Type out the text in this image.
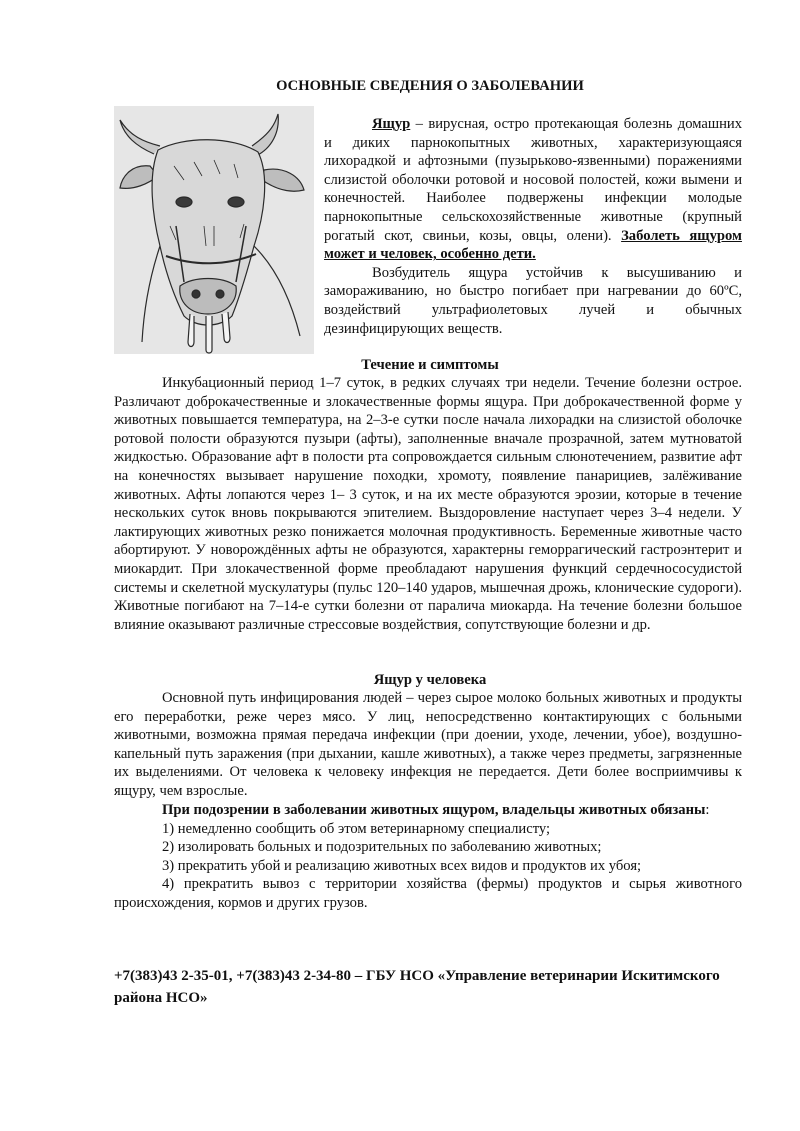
ОСНОВНЫЕ СВЕДЕНИЯ О ЗАБОЛЕВАНИИ

Ящур – вирусная, остро протекающая болезнь домашних и диких парнокопытных животных, характеризующаяся лихорадкой и афтозными (пузырьково-язвенными) поражениями слизистой оболочки ротовой и носовой полостей, кожи вымени и конечностей. Наиболее подвержены инфекции молодые парнокопытные сельскохозяйственные животные (крупный рогатый скот, свиньи, козы, овцы, олени). Заболеть ящуром может и человек, особенно дети.

Возбудитель ящура устойчив к высушиванию и замораживанию, но быстро погибает при нагревании до 60ºС, воздействий ультрафиолетовых лучей и обычных дезинфицирующих веществ.

Течение и симптомы

Инкубационный период 1–7 суток, в редких случаях три недели. Течение болезни острое. Различают доброкачественные и злокачественные формы ящура. При доброкачественной форме у животных повышается температура, на 2–3-е сутки после начала лихорадки на слизистой оболочке ротовой полости образуются пузыри (афты), заполненные вначале прозрачной, затем мутноватой жидкостью. Образование афт в полости рта сопровождается сильным слюнотечением, развитие афт на конечностях вызывает нарушение походки, хромоту, появление панарициев, залёживание животных. Афты лопаются через 1– 3 суток, и на их месте образуются эрозии, которые в течение нескольких суток вновь покрываются эпителием. Выздоровление наступает через 3–4 недели. У лактирующих животных резко понижается молочная продуктивность. Беременные животные часто абортируют. У новорождённых афты не образуются, характерны геморрагический гастроэнтерит и миокардит. При злокачественной форме преобладают нарушения функций сердечнососудистой системы и скелетной мускулатуры (пульс 120–140 ударов, мышечная дрожь, клонические судороги). Животные погибают на 7–14-е сутки болезни от паралича миокарда. На течение болезни большое влияние оказывают различные стрессовые воздействия, сопутствующие болезни и др.

Ящур у человека

Основной путь инфицирования людей – через сырое молоко больных животных и продукты его переработки, реже через мясо. У лиц, непосредственно контактирующих с больными животными, возможна прямая передача инфекции (при доении, уходе, лечении, убое), воздушно-капельный путь заражения (при дыхании, кашле животных), а также через предметы, загрязненные их выделениями. От человека к человеку инфекция не передается. Дети более восприимчивы к ящуру, чем взрослые.

При подозрении в заболевании животных ящуром, владельцы животных обязаны:

1) немедленно сообщить об этом ветеринарному специалисту;

2) изолировать больных и подозрительных по заболеванию животных;

3) прекратить убой и реализацию животных всех видов и продуктов их убоя;

4) прекратить вывоз с территории хозяйства (фермы) продуктов и сырья животного происхождения, кормов и других грузов.

+7(383)43 2-35-01, +7(383)43 2-34-80 – ГБУ НСО «Управление ветеринарии Искитимского района НСО»
